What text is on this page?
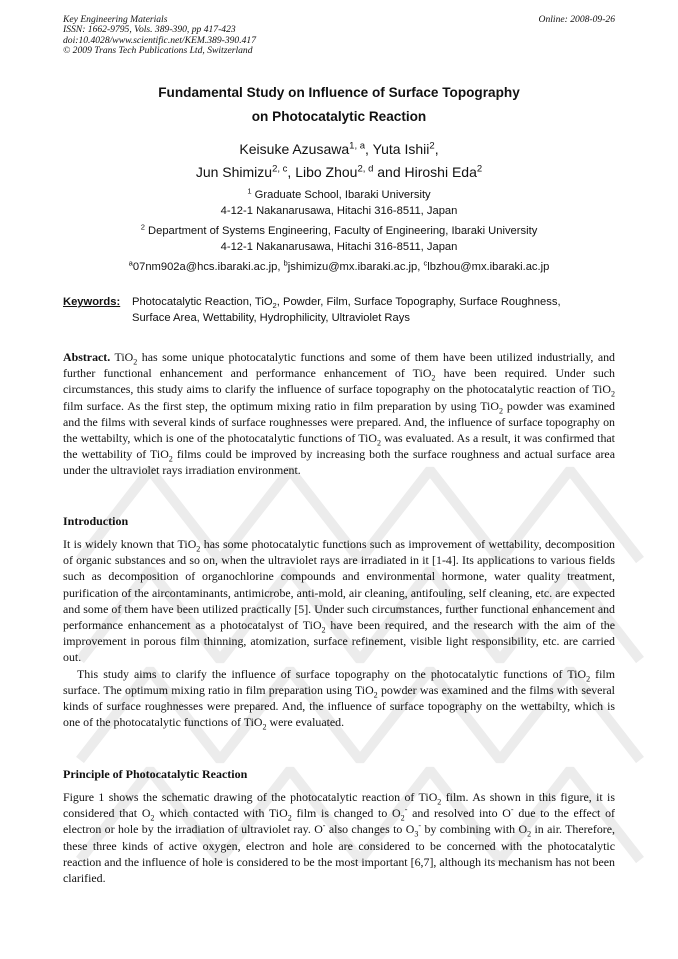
Key Engineering Materials
ISSN: 1662-9795, Vols. 389-390, pp 417-423
doi:10.4028/www.scientific.net/KEM.389-390.417
© 2009 Trans Tech Publications Ltd, Switzerland
Online: 2008-09-26
Fundamental Study on Influence of Surface Topography
on Photocatalytic Reaction
Keisuke Azusawa$^{1, a}$, Yuta Ishii$^2$,
Jun Shimizu$^{2, c}$, Libo Zhou$^{2, d}$ and Hiroshi Eda$^2$
$^1$ Graduate School, Ibaraki University
4-12-1 Nakanarusawa, Hitachi 316-8511, Japan
$^2$ Department of Systems Engineering, Faculty of Engineering, Ibaraki University
4-12-1 Nakanarusawa, Hitachi 316-8511, Japan
$^a$07nm902a@hcs.ibaraki.ac.jp, $^b$jshimizu@mx.ibaraki.ac.jp, $^c$lbzhou@mx.ibaraki.ac.jp
Keywords: Photocatalytic Reaction, TiO$_2$, Powder, Film, Surface Topography, Surface Roughness,
Surface Area, Wettability, Hydrophilicity, Ultraviolet Rays

Abstract. TiO$_2$ has some unique photocatalytic functions and some of them have been utilized industrially, and further functional enhancement and performance enhancement of TiO$_2$ have been required. Under such circumstances, this study aims to clarify the influence of surface topography on the photocatalytic reaction of TiO$_2$ film surface. As the first step, the optimum mixing ratio in film preparation by using TiO$_2$ powder was examined and the films with several kinds of surface roughnesses were prepared. And, the influence of surface topography on the wettabilty, which is one of the photocatalytic functions of TiO$_2$ was evaluated. As a result, it was confirmed that the wettability of TiO$_2$ films could be improved by increasing both the surface roughness and actual surface area under the ultraviolet rays irradiation environment.

Introduction

It is widely known that TiO$_2$ has some photocatalytic functions such as improvement of wettability, decomposition of organic substances and so on, when the ultraviolet rays are irradiated in it [1-4]. Its applications to various fields such as decomposition of organochlorine compounds and environmental hormone, water quality treatment, purification of the aircontaminants, antimicrobe, anti-mold, air cleaning, antifouling, self cleaning, etc. are expected and some of them have been utilized practically [5]. Under such circumstances, further functional enhancement and performance enhancement as a photocatalyst of TiO$_2$ have been required, and the research with the aim of the improvement in porous film thinning, atomization, surface refinement, visible light responsibility, etc. are carried out.

This study aims to clarify the influence of surface topography on the photocatalytic functions of TiO$_2$ film surface. The optimum mixing ratio in film preparation using TiO$_2$ powder was examined and the films with several kinds of surface roughnesses were prepared. And, the influence of surface topography on the wettabilty, which is one of the photocatalytic functions of TiO$_2$ were evaluated.

Principle of Photocatalytic Reaction

Figure 1 shows the schematic drawing of the photocatalytic reaction of TiO$_2$ film. As shown in this figure, it is considered that $O_2$ which contacted with TiO$_2$ film is changed to $O_2^-$ and resolved into O- due to the effect of electron or hole by the irradiation of ultraviolet ray. O- also changes to $O_3^-$ by combining with $O_2$ in air. Therefore, these three kinds of active oxygen, electron and hole are considered to be concerned with the photocatalytic reaction and the influence of hole is considered to be the most important [6,7], although its mechanism has not been clarified.
